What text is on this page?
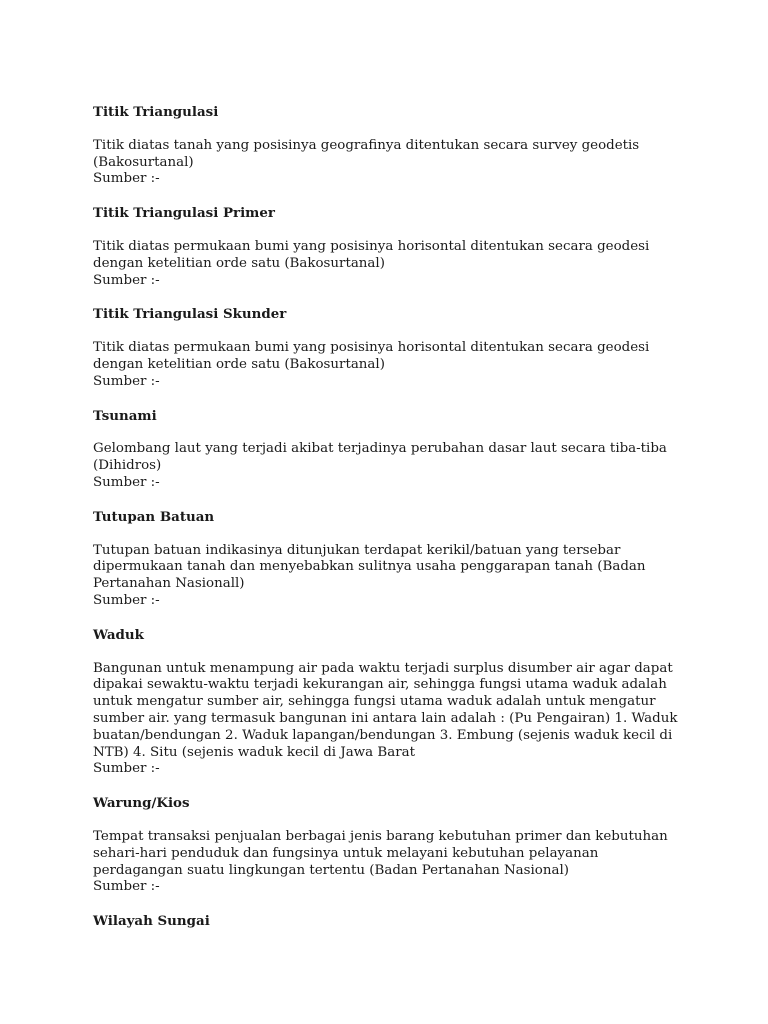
Titik Triangulasi

Titik diatas tanah yang posisinya geografinya ditentukan secara survey geodetis (Bakosurtanal)

Sumber :-

Titik Triangulasi Primer

Titik diatas permukaan bumi yang posisinya horisontal ditentukan secara geodesi dengan ketelitian orde satu (Bakosurtanal)

Sumber :-

Titik Triangulasi Skunder

Titik diatas permukaan bumi yang posisinya horisontal ditentukan secara geodesi dengan ketelitian orde satu (Bakosurtanal)

Sumber :-

Tsunami

Gelombang laut yang terjadi akibat terjadinya perubahan dasar laut secara tiba-tiba (Dihidros)

Sumber :-

Tutupan Batuan

Tutupan batuan indikasinya ditunjukan terdapat kerikil/batuan yang tersebar dipermukaan tanah dan menyebabkan sulitnya usaha penggarapan tanah (Badan Pertanahan Nasionall)

Sumber :-

Waduk

Bangunan untuk menampung air pada waktu terjadi surplus disumber air agar dapat dipakai sewaktu-waktu terjadi kekurangan air, sehingga fungsi utama waduk adalah untuk mengatur sumber air, sehingga fungsi utama waduk adalah untuk mengatur sumber air. yang termasuk bangunan ini antara lain adalah : (Pu Pengairan) 1. Waduk buatan/bendungan 2. Waduk lapangan/bendungan 3. Embung (sejenis waduk kecil di NTB) 4. Situ (sejenis waduk kecil di Jawa Barat

Sumber :-

Warung/Kios

Tempat transaksi penjualan berbagai jenis barang kebutuhan primer dan kebutuhan sehari-hari penduduk dan fungsinya untuk melayani kebutuhan pelayanan perdagangan suatu lingkungan tertentu (Badan Pertanahan Nasional)

Sumber :-

Wilayah Sungai
